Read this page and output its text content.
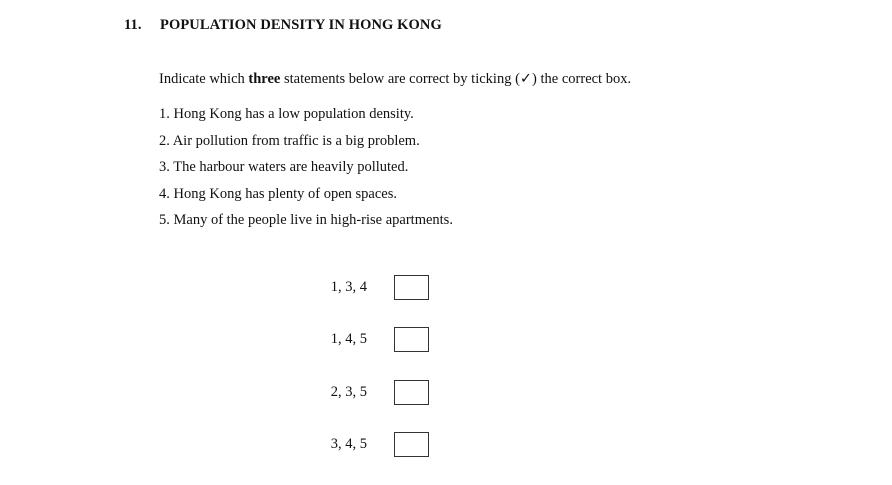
11. POPULATION DENSITY IN HONG KONG
Indicate which three statements below are correct by ticking (✓) the correct box.
1. Hong Kong has a low population density.
2. Air pollution from traffic is a big problem.
3. The harbour waters are heavily polluted.
4. Hong Kong has plenty of open spaces.
5. Many of the people live in high-rise apartments.
1, 3, 4
1, 4, 5
2, 3, 5
3, 4, 5
